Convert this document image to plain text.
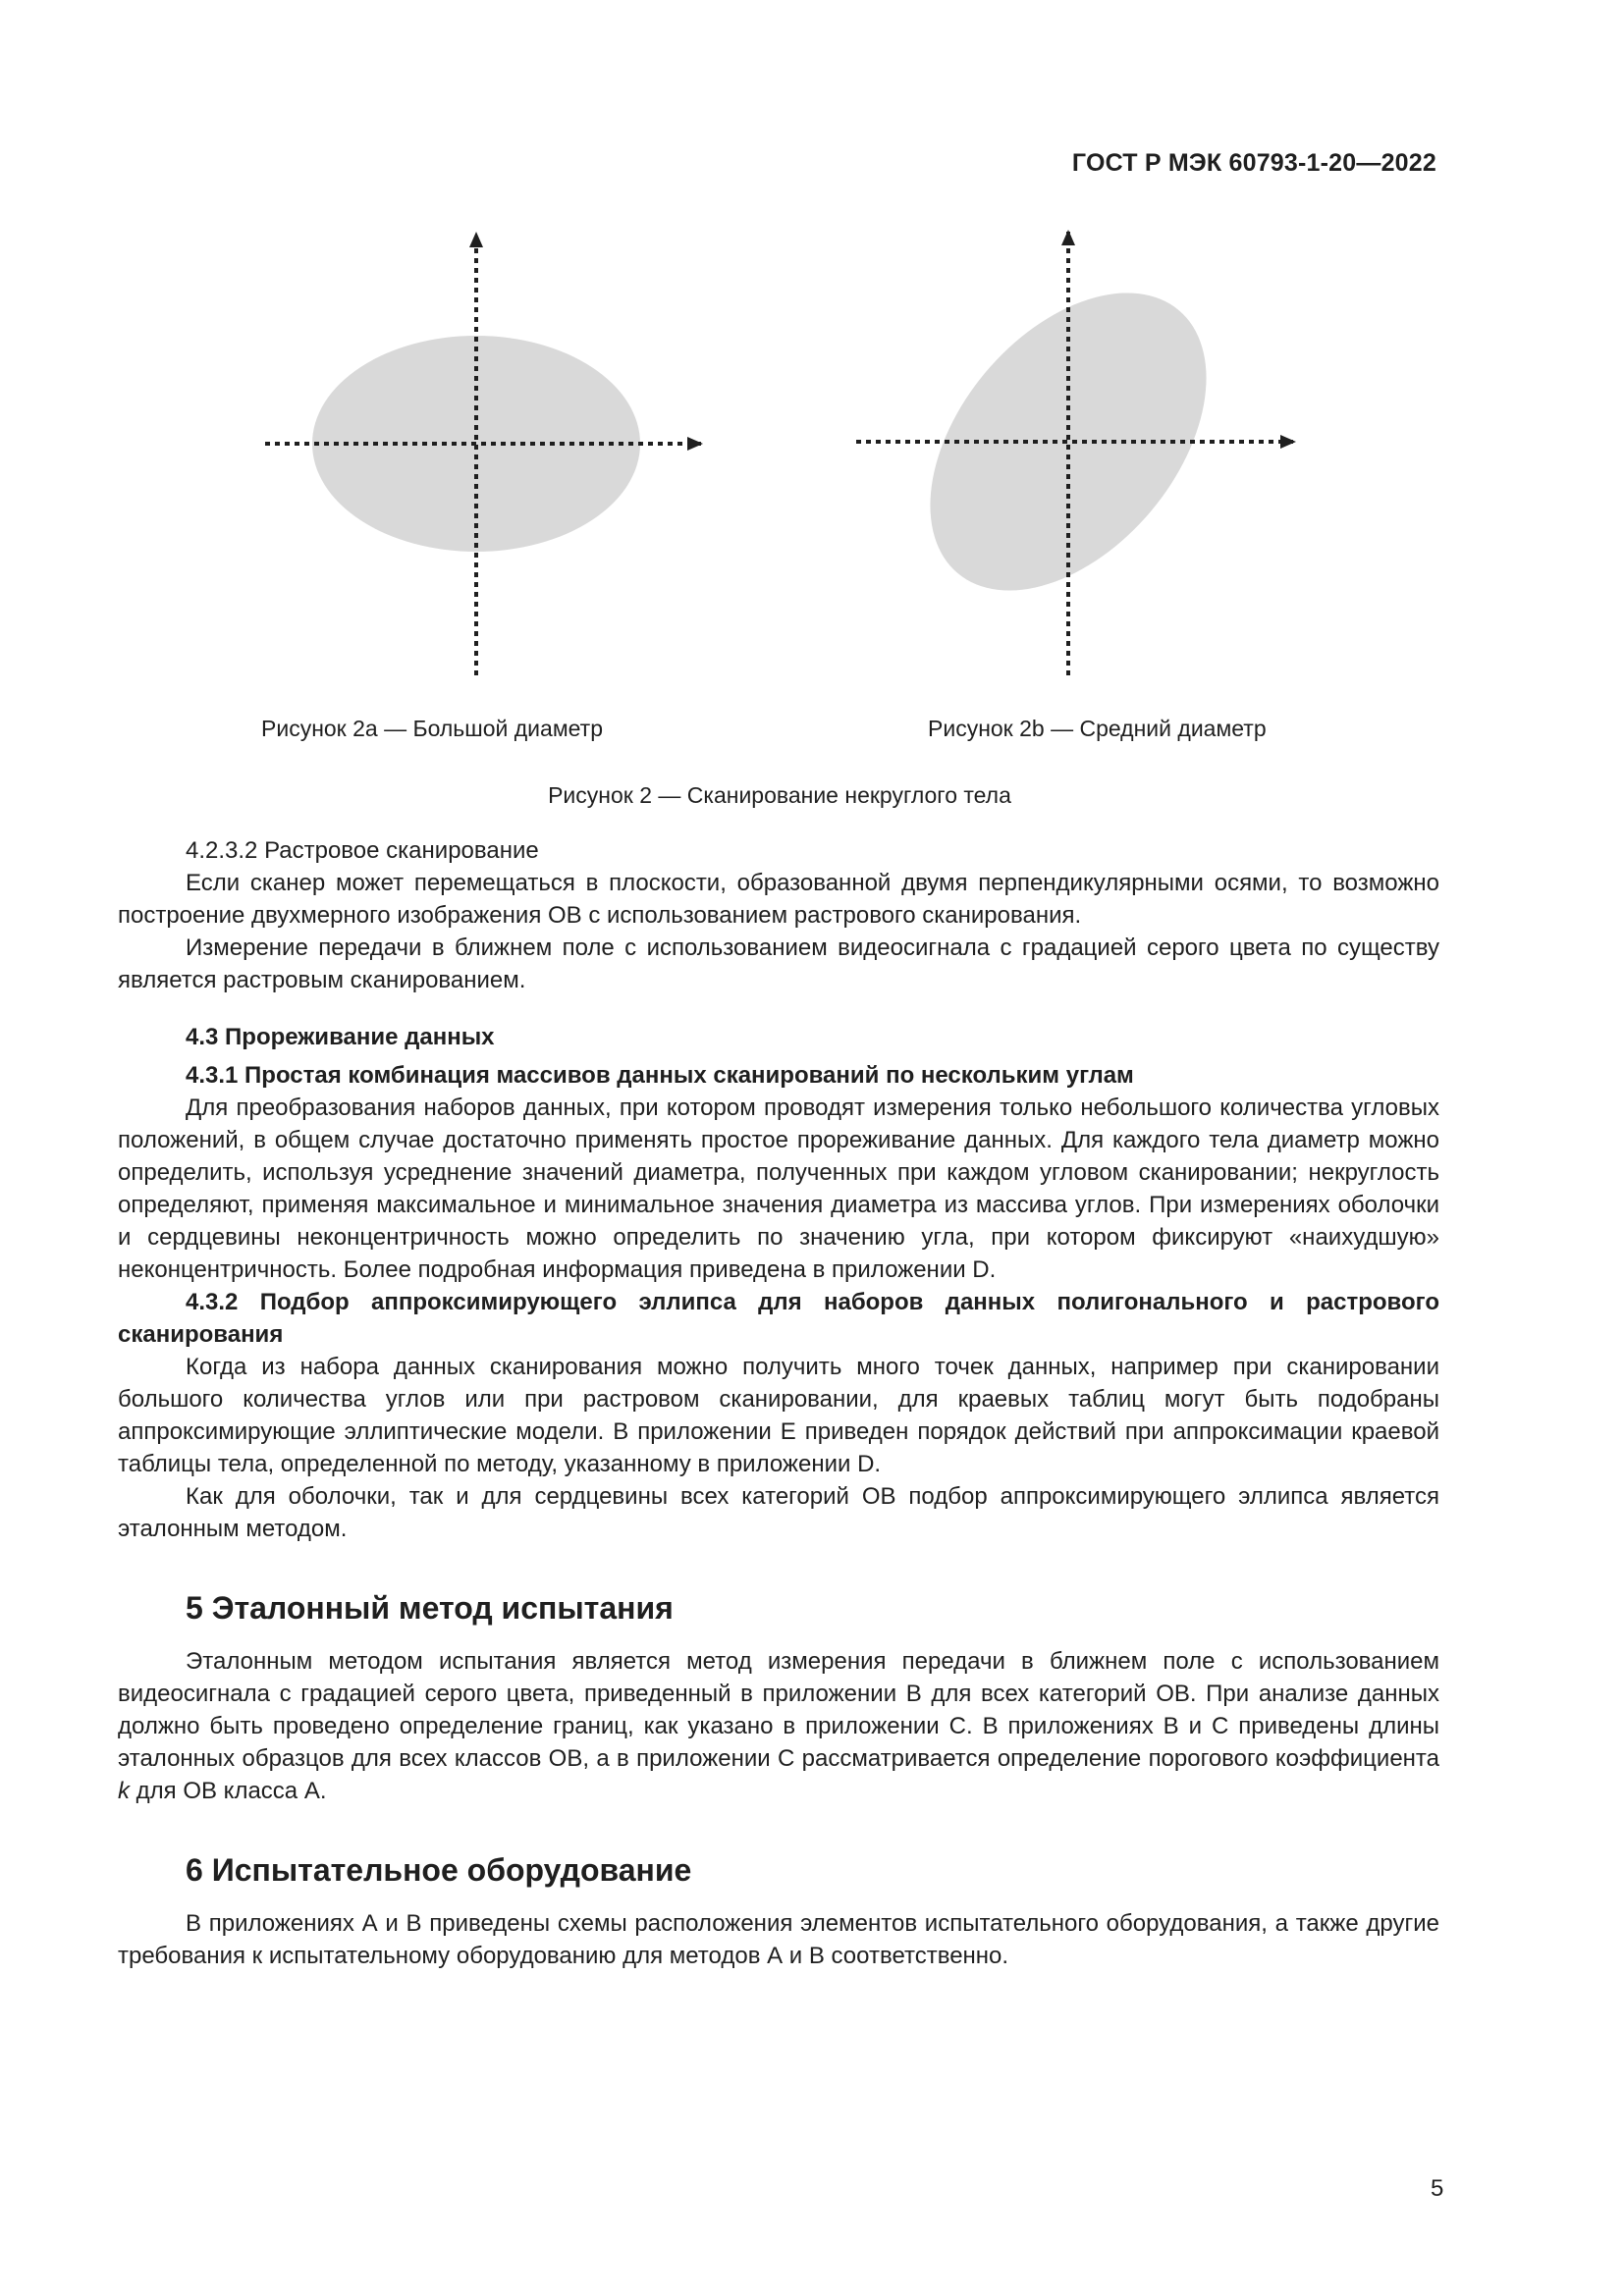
ГОСТ Р МЭК 60793-1-20—2022
Рисунок 2а — Большой диаметр	Рисунок 2b — Средний диаметр
Рисунок 2 — Сканирование некруглого тела

4.2.3.2 Растровое сканирование

Если сканер может перемещаться в плоскости, образованной двумя перпендикулярными осями, то возможно построение двухмерного изображения ОВ с использованием растрового сканирования.

Измерение передачи в ближнем поле с использованием видеосигнала с градацией серого цвета по существу является растровым сканированием.

4.3 Прореживание данных

4.3.1 Простая комбинация массивов данных сканирований по нескольким углам

Для преобразования наборов данных, при котором проводят измерения только небольшого количества угловых положений, в общем случае достаточно применять простое прореживание данных. Для каждого тела диаметр можно определить, используя усреднение значений диаметра, полученных при каждом угловом сканировании; некруглость определяют, применяя максимальное и минимальное значения диаметра из массива углов. При измерениях оболочки и сердцевины неконцентричность можно определить по значению угла, при котором фиксируют «наихудшую» неконцентричность. Более подробная информация приведена в приложении D.

4.3.2 Подбор аппроксимирующего эллипса для наборов данных полигонального и растрового сканирования

Когда из набора данных сканирования можно получить много точек данных, например при сканировании большого количества углов или при растровом сканировании, для краевых таблиц могут быть подобраны аппроксимирующие эллиптические модели. В приложении Е приведен порядок действий при аппроксимации краевой таблицы тела, определенной по методу, указанному в приложении D.

Как для оболочки, так и для сердцевины всех категорий ОВ подбор аппроксимирующего эллипса является эталонным методом.

5 Эталонный метод испытания

Эталонным методом испытания является метод измерения передачи в ближнем поле с использованием видеосигнала с градацией серого цвета, приведенный в приложении В для всех категорий ОВ. При анализе данных должно быть проведено определение границ, как указано в приложении С. В приложениях В и С приведены длины эталонных образцов для всех классов ОВ, а в приложении С рассматривается определение порогового коэффициента k для ОВ класса А.

6 Испытательное оборудование

В приложениях А и В приведены схемы расположения элементов испытательного оборудования, а также другие требования к испытательному оборудованию для методов А и В соответственно.

5
